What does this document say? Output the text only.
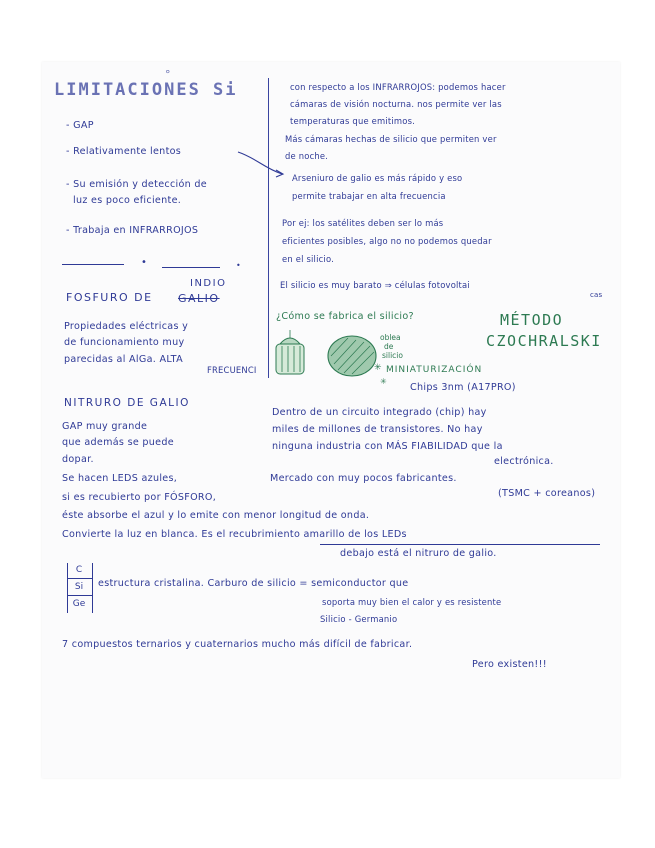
LIMITACIONES Si
°
- GAP
- Relativamente lentos
- Su emisión y detección de
luz es poco eficiente.
- Trabaja en INFRARROJOS
•	•
FOSFURO DE GALIO
INDIO
Propiedades eléctricas y
de funcionamiento muy
parecidas al AlGa. ALTA
FRECUENCI
NITRURO DE GALIO
GAP muy grande
que además se puede
dopar.
Se hacen LEDS azules,
si es recubierto por FÓSFORO,
éste absorbe el azul y lo emite con menor longitud de onda.
Convierte la luz en blanca. Es el recubrimiento amarillo de los LEDs
debajo está el nitruro de galio.
con respecto a los INFRARROJOS: podemos hacer
cámaras de visión nocturna. nos permite ver las
temperaturas que emitimos.
Más cámaras hechas de silicio que permiten ver
de noche.
Arseniuro de galio es más rápido y eso
permite trabajar en alta frecuencia
Por ej: los satélites deben ser lo más
eficientes posibles, algo no no podemos quedar
en el silicio.
El silicio es muy barato ⇒ células fotovoltai
cas
¿Cómo se fabrica el silicio?	MÉTODO
CZOCHRALSKI
oblea
de
silicio
✳ MINIATURIZACIÓN
✳
Chips 3nm (A17PRO)
Dentro de un circuito integrado (chip) hay
miles de millones de transistores. No hay
ninguna industria con MÁS FIABILIDAD que la
electrónica.
Mercado con muy pocos fabricantes.
(TSMC + coreanos)
C
Si
Ge
estructura cristalina. Carburo de silicio = semiconductor que
soporta muy bien el calor y es resistente
Silicio - Germanio
7 compuestos ternarios y cuaternarios mucho más difícil de fabricar.
Pero existen!!!
